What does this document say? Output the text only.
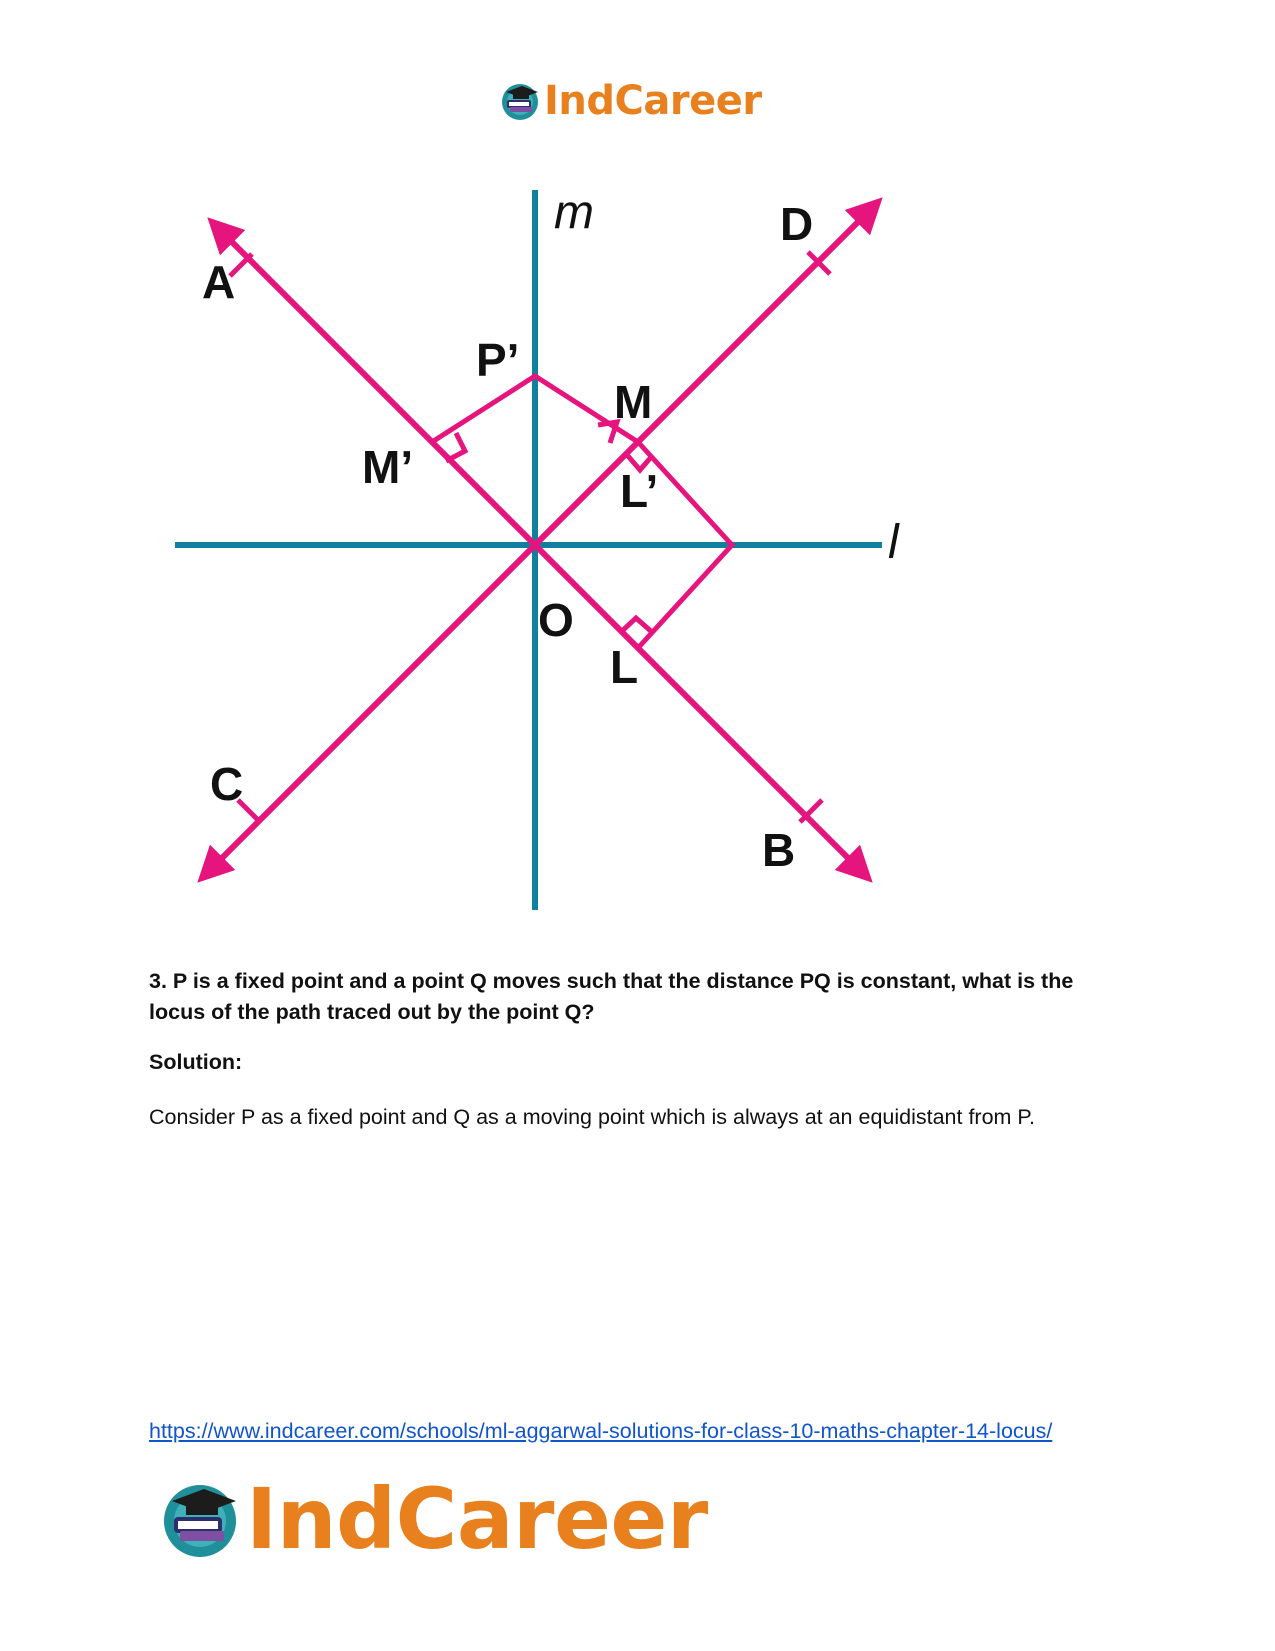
IndCareer
m
l
A
D
C
B
O
P’
M
M’	L’
L

3. P is a fixed point and a point Q moves such that the distance PQ is constant, what is the locus of the path traced out by the point Q?

Solution:

Consider P as a fixed point and Q as a moving point which is always at an equidistant from P.

https://www.indcareer.com/schools/ml-aggarwal-solutions-for-class-10-maths-chapter-14-locus/
IndCareer
